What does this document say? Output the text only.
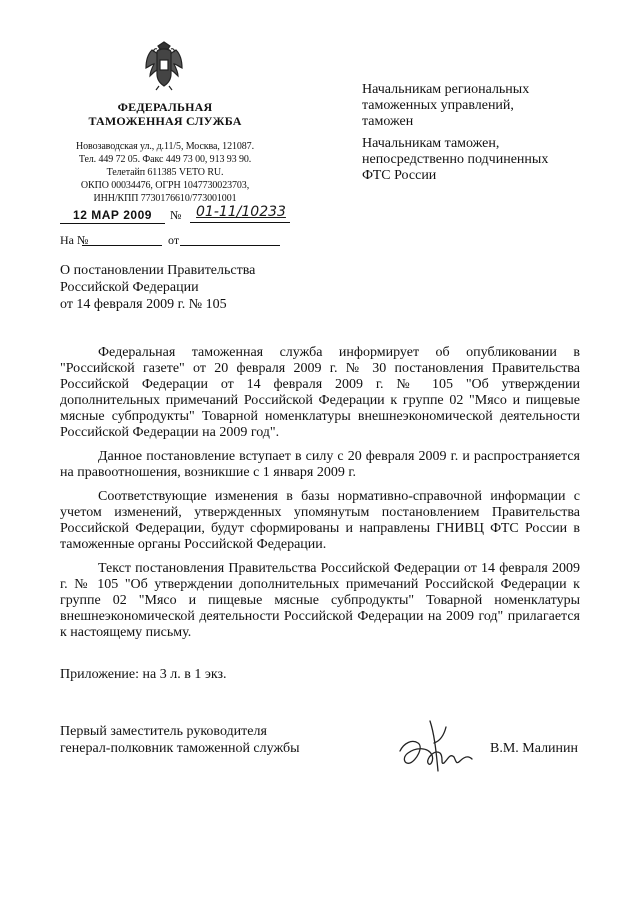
ФЕДЕРАЛЬНАЯ
ТАМОЖЕННАЯ СЛУЖБА
Новозаводская ул., д.11/5, Москва, 121087.
Тел. 449 72 05. Факс 449 73 00, 913 93 90.
Телетайп 611385 VETO RU.
ОКПО 00034476, ОГРН 1047730023703,
ИНН/КПП 7730176610/773001001
12 МАР 2009	№	01-11/10233
На №	от
Начальникам региональных
таможенных управлений,
таможен
Начальникам таможен,
непосредственно подчиненных
ФТС России
О постановлении Правительства
Российской Федерации
от 14 февраля 2009 г. № 105

Федеральная таможенная служба информирует об опубликовании в "Российской газете" от 20 февраля 2009 г. № 30 постановления Правительства Российской Федерации от 14 февраля 2009 г. № 105 "Об утверждении дополнительных примечаний Российской Федерации к группе 02 "Мясо и пищевые мясные субпродукты" Товарной номенклатуры внешнеэкономической деятельности Российской Федерации на 2009 год".

Данное постановление вступает в силу с 20 февраля 2009 г. и распространяется на правоотношения, возникшие с 1 января 2009 г.

Соответствующие изменения в базы нормативно-справочной информации с учетом изменений, утвержденных упомянутым постановлением Правительства Российской Федерации, будут сформированы и направлены ГНИВЦ ФТС России в таможенные органы Российской Федерации.

Текст постановления Правительства Российской Федерации от 14 февраля 2009 г. № 105 "Об утверждении дополнительных примечаний Российской Федерации к группе 02 "Мясо и пищевые мясные субпродукты" Товарной номенклатуры внешнеэкономической деятельности Российской Федерации на 2009 год" прилагается к настоящему письму.

Приложение: на 3 л. в 1 экз.
Первый заместитель руководителя
генерал-полковник таможенной службы	В.М. Малинин
